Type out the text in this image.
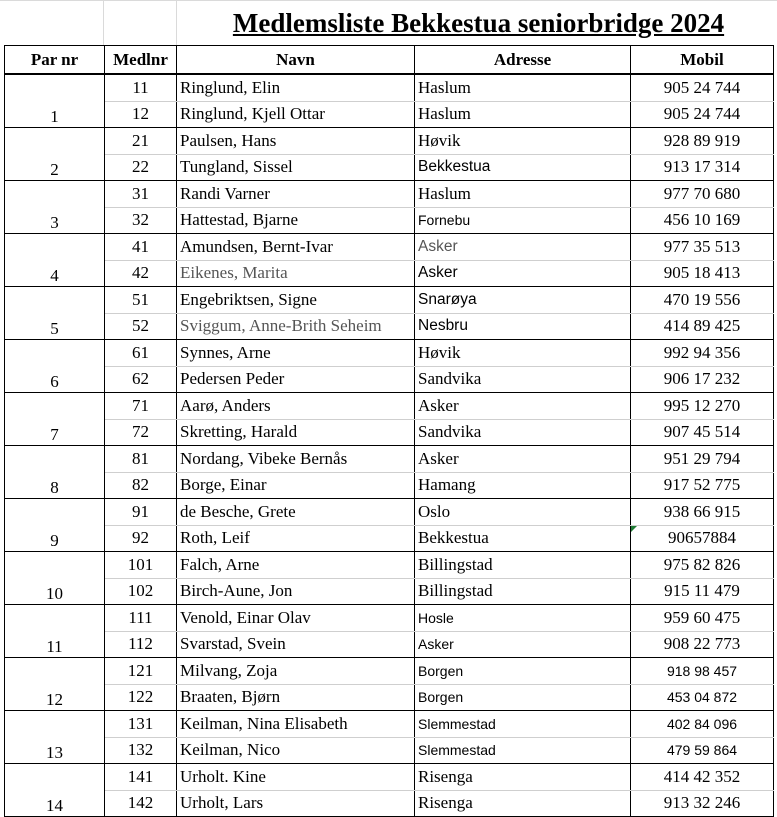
Medlemsliste Bekkestua seniorbridge 2024
Par nr	Medlnr	Navn	Adresse	Mobil
1	11	Ringlund, Elin	Haslum	905 24 744
	12	Ringlund, Kjell Ottar	Haslum	905 24 744
2	21	Paulsen, Hans	Høvik	928 89 919
	22	Tungland, Sissel	Bekkestua	913 17 314
3	31	Randi Varner	Haslum	977 70 680
	32	Hattestad, Bjarne	Fornebu	456 10 169
4	41	Amundsen, Bernt-Ivar	Asker	977 35 513
	42	Eikenes, Marita	Asker	905 18 413
5	51	Engebriktsen, Signe	Snarøya	470 19 556
	52	Sviggum, Anne-Brith Seheim	Nesbru	414 89 425
6	61	Synnes, Arne	Høvik	992 94 356
	62	Pedersen Peder	Sandvika	906 17 232
7	71	Aarø, Anders	Asker	995 12 270
	72	Skretting, Harald	Sandvika	907 45 514
8	81	Nordang, Vibeke Bernås	Asker	951 29 794
	82	Borge, Einar	Hamang	917 52 775
9	91	de Besche, Grete	Oslo	938 66 915
	92	Roth, Leif	Bekkestua	90657884
10	101	Falch, Arne	Billingstad	975 82 826
	102	Birch-Aune, Jon	Billingstad	915 11 479
11	111	Venold, Einar Olav	Hosle	959 60 475
	112	Svarstad, Svein	Asker	908 22 773
12	121	Milvang, Zoja	Borgen	918 98 457
	122	Braaten, Bjørn	Borgen	453 04 872
13	131	Keilman, Nina Elisabeth	Slemmestad	402 84 096
	132	Keilman, Nico	Slemmestad	479 59 864
14	141	Urholt. Kine	Risenga	414 42 352
	142	Urholt, Lars	Risenga	913 32 246
